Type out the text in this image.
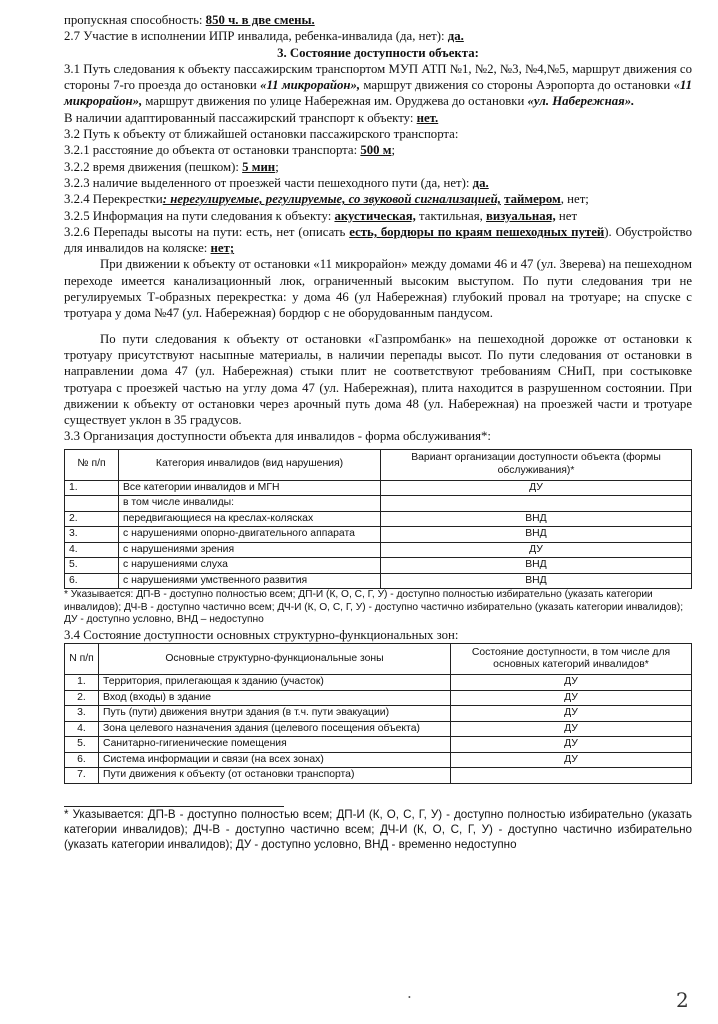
пропускная способность: 850 ч. в две смены.

2.7 Участие в исполнении ИПР инвалида, ребенка-инвалида (да, нет): да.

3. Состояние доступности объекта:

3.1 Путь следования к объекту пассажирским транспортом МУП АТП №1, №2, №3, №4,№5, маршрут движения со стороны 7-го проезда до остановки «11 микрорайон», маршрут движения со стороны Аэропорта до остановки «11 микрорайон», маршрут движения по улице Набережная им. Оруджева до остановки «ул. Набережная».

В наличии адаптированный пассажирский транспорт к объекту: нет.

3.2 Путь к объекту от ближайшей остановки пассажирского транспорта:

3.2.1 расстояние до объекта от остановки транспорта: 500 м;

3.2.2 время движения (пешком): 5 мин;

3.2.3 наличие выделенного от проезжей части пешеходного пути (да, нет): да.

3.2.4 Перекрестки: нерегулируемые, регулируемые, со звуковой сигнализацией, таймером, нет;

3.2.5 Информация на пути следования к объекту: акустическая, тактильная, визуальная, нет

3.2.6 Перепады высоты на пути: есть, нет (описать есть, бордюры по краям пешеходных путей). Обустройство для инвалидов на коляске: нет;

При движении к объекту от остановки «11 микрорайон» между домами 46 и 47 (ул. Зверева) на пешеходном переходе имеется канализационный люк, ограниченный высоким выступом. По пути следования три не регулируемых Т-образных перекрестка: у дома 46 (ул Набережная) глубокий провал на тротуаре; на спуске с тротуара у дома №47 (ул. Набережная) бордюр с не оборудованным пандусом.

По пути следования к объекту от остановки «Газпромбанк» на пешеходной дорожке от остановки к тротуару присутствуют насыпные материалы, в наличии перепады высот. По пути следования от остановки в направлении дома 47 (ул. Набережная) стыки плит не соответствуют требованиям СНиП, при состыковке тротуара с проезжей частью на углу дома 47 (ул. Набережная), плита находится в разрушенном состоянии. При движении к объекту от остановки через арочный путь дома 48 (ул. Набережная) на проезжей части и тротуаре существует уклон в 35 градусов.

3.3 Организация доступности объекта для инвалидов - форма обслуживания*:

№ п/п	Категория инвалидов (вид нарушения)	Вариант организации доступности объекта (формы обслуживания)*
1.	Все категории инвалидов и МГН	ДУ
	в том числе инвалиды:	
2.	передвигающиеся на креслах-колясках	ВНД
3.	с нарушениями опорно-двигательного аппарата	ВНД
4.	с нарушениями зрения	ДУ
5.	с нарушениями слуха	ВНД
6.	с нарушениями умственного развития	ВНД

* Указывается: ДП-В - доступно полностью всем; ДП-И (К, О, С, Г, У) - доступно полностью избирательно (указать категории инвалидов); ДЧ-В - доступно частично всем; ДЧ-И (К, О, С, Г, У) - доступно частично избирательно (указать категории инвалидов); ДУ - доступно условно, ВНД – недоступно

3.4 Состояние доступности основных структурно-функциональных зон:

N п/п	Основные структурно-функциональные зоны	Состояние доступности, в том числе для основных категорий инвалидов*
1.	Территория, прилегающая к зданию (участок)	ДУ
2.	Вход (входы) в здание	ДУ
3.	Путь (пути) движения внутри здания (в т.ч. пути эвакуации)	ДУ
4.	Зона целевого назначения здания (целевого посещения объекта)	ДУ
5.	Санитарно-гигиенические помещения	ДУ
6.	Система информации и связи (на всех зонах)	ДУ
7.	Пути движения к объекту (от остановки транспорта)	

* Указывается: ДП-В - доступно полностью всем; ДП-И (К, О, С, Г, У) - доступно полностью избирательно (указать категории инвалидов); ДЧ-В - доступно частично всем; ДЧ-И (К, О, С, Г, У) - доступно частично избирательно (указать категории инвалидов); ДУ - доступно условно, ВНД - временно недоступно

•	2
